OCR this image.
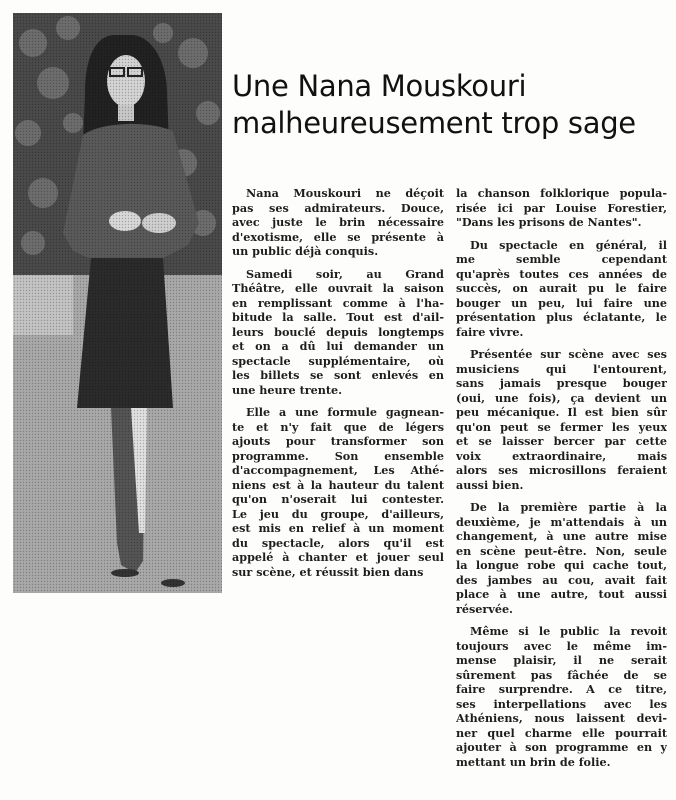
Une Nana Mouskouri
malheureusement trop sage

Nana Mouskouri ne déçoit
pas ses admirateurs. Douce,
avec juste le brin nécessaire
d'exotisme, elle se présente à
un public déjà conquis.

Samedi soir, au Grand
Théâtre, elle ouvrait la saison
en remplissant comme à l'ha-
bitude la salle. Tout est d'ail-
leurs bouclé depuis longtemps
et on a dû lui demander un
spectacle supplémentaire, où
les billets se sont enlevés en
une heure trente.

Elle a une formule gagnean-
te et n'y fait que de légers
ajouts pour transformer son
programme. Son ensemble
d'accompagnement, Les Athé-
niens est à la hauteur du talent
qu'on n'oserait lui contester.
Le jeu du groupe, d'ailleurs,
est mis en relief à un moment
du spectacle, alors qu'il est
appelé à chanter et jouer seul
sur scène, et réussit bien dans

la chanson folklorique popula-
risée ici par Louise Forestier,
"Dans les prisons de Nantes".

Du spectacle en général, il
me semble cependant
qu'après toutes ces années de
succès, on aurait pu le faire
bouger un peu, lui faire une
présentation plus éclatante, le
faire vivre.

Présentée sur scène avec ses
musiciens qui l'entourent,
sans jamais presque bouger
(oui, une fois), ça devient un
peu mécanique. Il est bien sûr
qu'on peut se fermer les yeux
et se laisser bercer par cette
voix extraordinaire, mais
alors ses microsillons feraient
aussi bien.

De la première partie à la
deuxième, je m'attendais à un
changement, à une autre mise
en scène peut-être. Non, seule
la longue robe qui cache tout,
des jambes au cou, avait fait
place à une autre, tout aussi
réservée.

Même si le public la revoit
toujours avec le même im-
mense plaisir, il ne serait
sûrement pas fâchée de se
faire surprendre. A ce titre,
ses interpellations avec les
Athéniens, nous laissent devi-
ner quel charme elle pourrait
ajouter à son programme en y
mettant un brin de folie.
